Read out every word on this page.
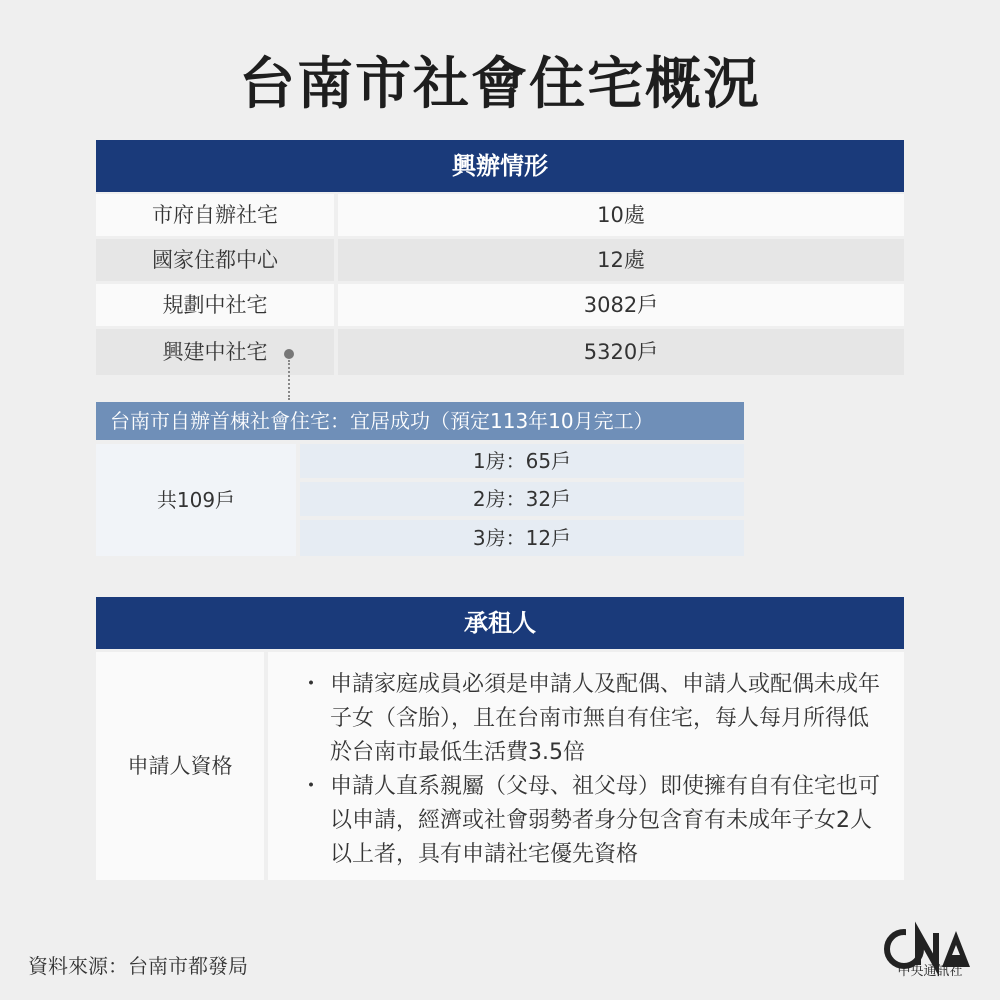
台南市社會住宅概況
興辦情形
市府自辦社宅	10處
國家住都中心	12處
規劃中社宅	3082戶
興建中社宅	5320戶
台南市自辦首棟社會住宅：宜居成功（預定113年10月完工）
共109戶
1房：65戶
2房：32戶
3房：12戶
承租人
申請人資格
・ 申請家庭成員必須是申請人及配偶、申請人或配偶未成年子女（含胎），且在台南市無自有住宅，每人每月所得低於台南市最低生活費3.5倍
・ 申請人直系親屬（父母、祖父母）即使擁有自有住宅也可以申請，經濟或社會弱勢者身分包含育有未成年子女2人以上者，具有申請社宅優先資格
資料來源：台南市都發局	中央通訊社
